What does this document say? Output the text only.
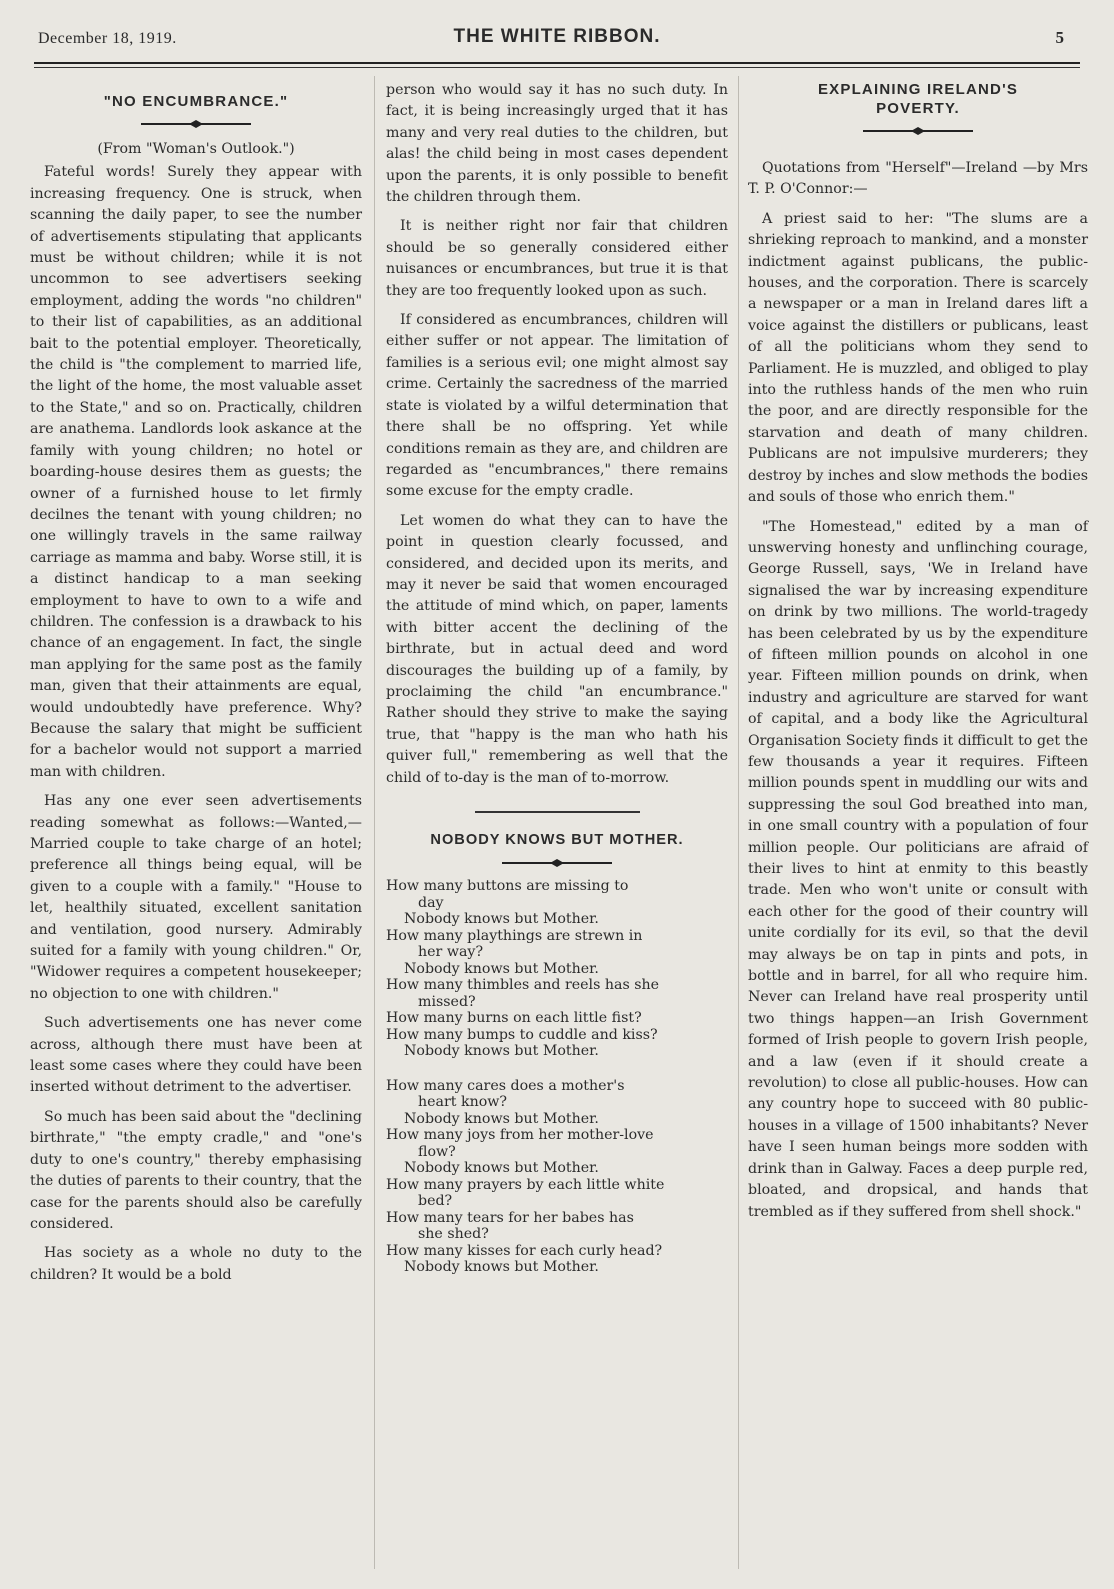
December 18, 1919.	THE WHITE RIBBON.	5
"NO ENCUMBRANCE."

(From "Woman's Outlook.")

Fateful words! Surely they appear with increasing frequency. One is struck, when scanning the daily paper, to see the number of advertisements stipulating that applicants must be without children; while it is not uncommon to see advertisers seeking employment, adding the words "no children" to their list of capabilities, as an additional bait to the potential employer. Theoretically, the child is "the complement to married life, the light of the home, the most valuable asset to the State," and so on. Practically, children are anathema. Landlords look askance at the family with young children; no hotel or boarding-house desires them as guests; the owner of a furnished house to let firmly decilnes the tenant with young children; no one willingly travels in the same railway carriage as mamma and baby. Worse still, it is a distinct handicap to a man seeking employment to have to own to a wife and children. The confession is a drawback to his chance of an engagement. In fact, the single man applying for the same post as the family man, given that their attainments are equal, would undoubtedly have preference. Why? Because the salary that might be sufficient for a bachelor would not support a married man with children.

Has any one ever seen advertisements reading somewhat as follows:—Wanted,—Married couple to take charge of an hotel; preference all things being equal, will be given to a couple with a family." "House to let, healthily situated, excellent sanitation and ventilation, good nursery. Admirably suited for a family with young children." Or, "Widower requires a competent housekeeper; no objection to one with children."

Such advertisements one has never come across, although there must have been at least some cases where they could have been inserted without detriment to the advertiser.

So much has been said about the "declining birthrate," "the empty cradle," and "one's duty to one's country," thereby emphasising the duties of parents to their country, that the case for the parents should also be carefully considered.

Has society as a whole no duty to the children? It would be a bold

person who would say it has no such duty. In fact, it is being increasingly urged that it has many and very real duties to the children, but alas! the child being in most cases dependent upon the parents, it is only possible to benefit the children through them.

It is neither right nor fair that children should be so generally considered either nuisances or encumbrances, but true it is that they are too frequently looked upon as such.

If considered as encumbrances, children will either suffer or not appear. The limitation of families is a serious evil; one might almost say crime. Certainly the sacredness of the married state is violated by a wilful determination that there shall be no offspring. Yet while conditions remain as they are, and children are regarded as "encumbrances," there remains some excuse for the empty cradle.

Let women do what they can to have the point in question clearly focussed, and considered, and decided upon its merits, and may it never be said that women encouraged the attitude of mind which, on paper, laments with bitter accent the declining of the birthrate, but in actual deed and word discourages the building up of a family, by proclaiming the child "an encumbrance." Rather should they strive to make the saying true, that "happy is the man who hath his quiver full," remembering as well that the child of to-day is the man of to-morrow.

NOBODY KNOWS BUT MOTHER.
How many buttons are missing to
day
Nobody knows but Mother.
How many playthings are strewn in
her way?
Nobody knows but Mother.
How many thimbles and reels has she
missed?
How many burns on each little fist?
How many bumps to cuddle and kiss?
Nobody knows but Mother.
How many cares does a mother's
heart know?
Nobody knows but Mother.
How many joys from her mother-love
flow?
Nobody knows but Mother.
How many prayers by each little white
bed?
How many tears for her babes has
she shed?
How many kisses for each curly head?
Nobody knows but Mother.
EXPLAINING IRELAND'S
POVERTY.

Quotations from "Herself"—Ireland —by Mrs T. P. O'Connor:—

A priest said to her: "The slums are a shrieking reproach to mankind, and a monster indictment against publicans, the public-houses, and the corporation. There is scarcely a newspaper or a man in Ireland dares lift a voice against the distillers or publicans, least of all the politicians whom they send to Parliament. He is muzzled, and obliged to play into the ruthless hands of the men who ruin the poor, and are directly responsible for the starvation and death of many children. Publicans are not impulsive murderers; they destroy by inches and slow methods the bodies and souls of those who enrich them."

"The Homestead," edited by a man of unswerving honesty and unflinching courage, George Russell, says, 'We in Ireland have signalised the war by increasing expenditure on drink by two millions. The world-tragedy has been celebrated by us by the expenditure of fifteen million pounds on alcohol in one year. Fifteen million pounds on drink, when industry and agriculture are starved for want of capital, and a body like the Agricultural Organisation Society finds it difficult to get the few thousands a year it requires. Fifteen million pounds spent in muddling our wits and suppressing the soul God breathed into man, in one small country with a population of four million people. Our politicians are afraid of their lives to hint at enmity to this beastly trade. Men who won't unite or consult with each other for the good of their country will unite cordially for its evil, so that the devil may always be on tap in pints and pots, in bottle and in barrel, for all who require him. Never can Ireland have real prosperity until two things happen—an Irish Government formed of Irish people to govern Irish people, and a law (even if it should create a revolution) to close all public-houses. How can any country hope to succeed with 80 public-houses in a village of 1500 inhabitants? Never have I seen human beings more sodden with drink than in Galway. Faces a deep purple red, bloated, and dropsical, and hands that trembled as if they suffered from shell shock."
